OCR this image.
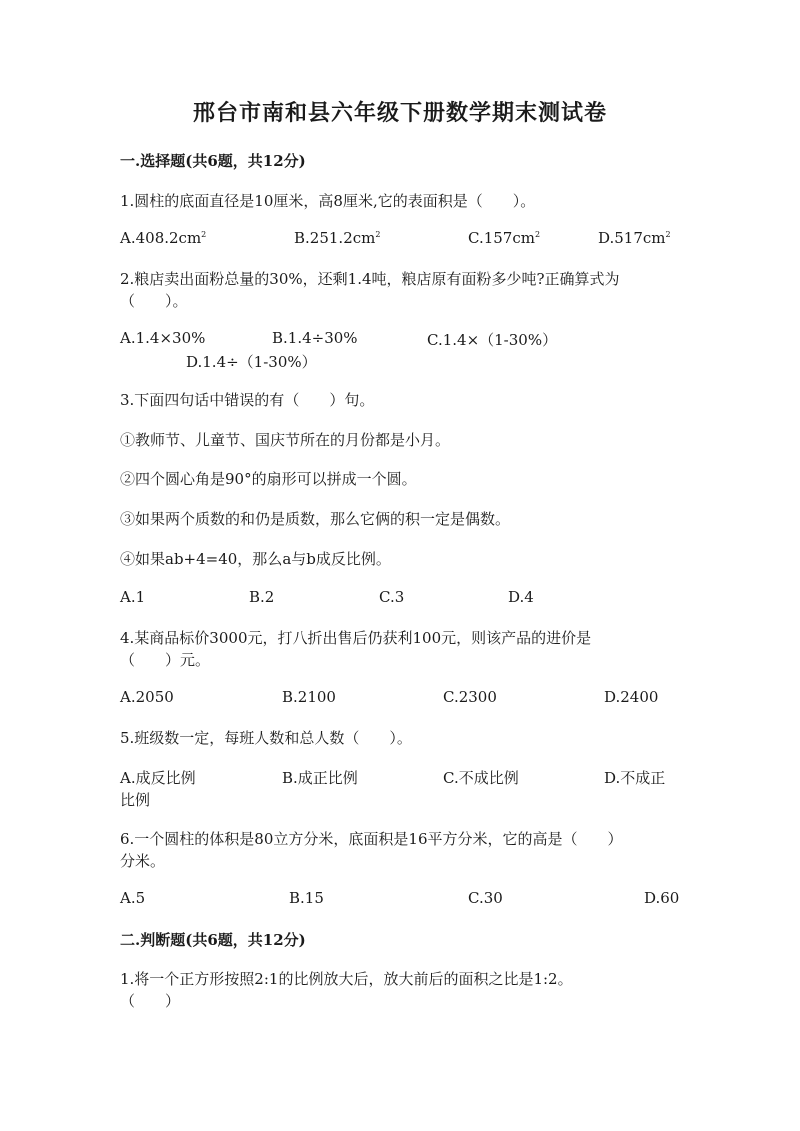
邢台市南和县六年级下册数学期末测试卷
一.选择题(共6题，共12分)
1.圆柱的底面直径是10厘米，高8厘米,它的表面积是（　　）。
$A.408.2cm^2$	$B.251.2cm^2$	$C.157cm^2$	$D.517cm^2$
2.粮店卖出面粉总量的30%，还剩1.4吨，粮店原有面粉多少吨?正确算式为
（　　）。
A.1.4×30%	B.1.4÷30%	C.1.4×（1-30%）
D.1.4÷（1-30%）
3.下面四句话中错误的有（　　）句。
①教师节、儿童节、国庆节所在的月份都是小月。
②四个圆心角是90°的扇形可以拼成一个圆。
③如果两个质数的和仍是质数，那么它俩的积一定是偶数。
④如果ab+4=40，那么a与b成反比例。
A.1	B.2	C.3	D.4
4.某商品标价3000元，打八折出售后仍获利100元，则该产品的进价是
（　　）元。
A.2050	B.2100	C.2300	D.2400
5.班级数一定，每班人数和总人数（　　）。
A.成反比例	B.成正比例	C.不成比例	D.不成正
比例
6.一个圆柱的体积是80立方分米，底面积是16平方分米，它的高是（　　）
分米。
A.5	B.15	C.30	D.60
二.判断题(共6题，共12分)
1.将一个正方形按照2:1的比例放大后，放大前后的面积之比是1:2。
（　　）
